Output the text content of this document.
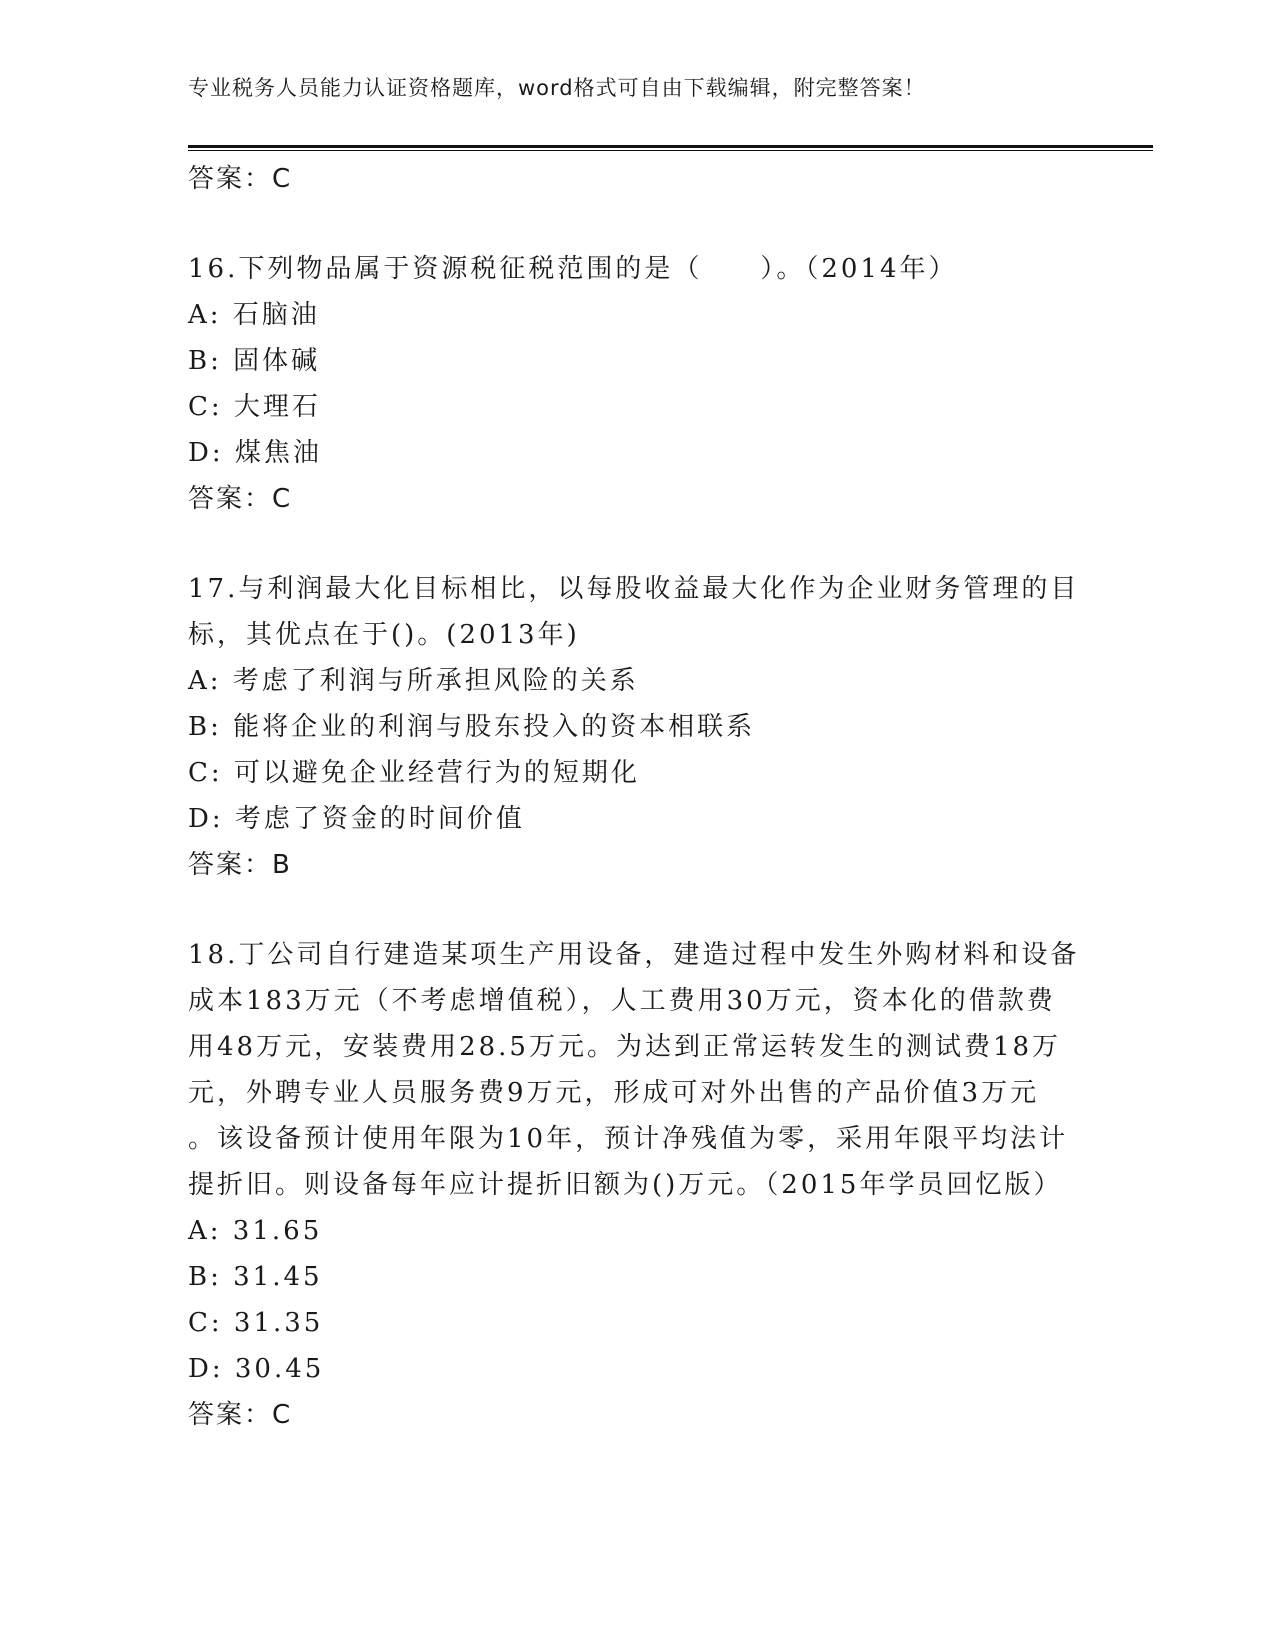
专业税务人员能力认证资格题库，word格式可自由下载编辑，附完整答案！

答案：C

16.下列物品属于资源税征税范围的是（　　）。（2014年）

A: 石脑油

B: 固体碱

C: 大理石

D: 煤焦油

答案：C

17.与利润最大化目标相比，以每股收益最大化作为企业财务管理的目

标，其优点在于()。(2013年)

A: 考虑了利润与所承担风险的关系

B: 能将企业的利润与股东投入的资本相联系

C: 可以避免企业经营行为的短期化

D: 考虑了资金的时间价值

答案：B

18.丁公司自行建造某项生产用设备，建造过程中发生外购材料和设备

成本183万元（不考虑增值税），人工费用30万元，资本化的借款费

用48万元，安装费用28.5万元。为达到正常运转发生的测试费18万

元，外聘专业人员服务费9万元，形成可对外出售的产品价值3万元

。该设备预计使用年限为10年，预计净残值为零，采用年限平均法计

提折旧。则设备每年应计提折旧额为()万元。（2015年学员回忆版）

A: 31.65

B: 31.45

C: 31.35

D: 30.45

答案：C
